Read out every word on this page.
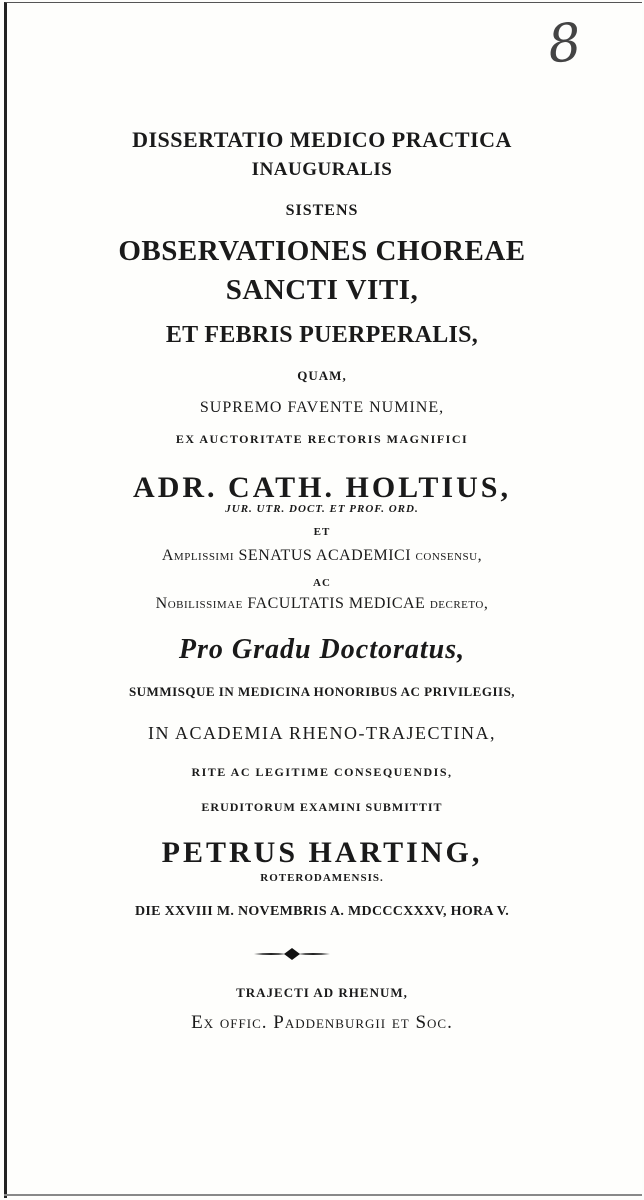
8
DISSERTATIO MEDICO PRACTICA
INAUGURALIS
SISTENS
OBSERVATIONES CHOREAE
SANCTI VITI,
ET FEBRIS PUERPERALIS,
QUAM,
SUPREMO FAVENTE NUMINE,
EX AUCTORITATE RECTORIS MAGNIFICI
ADR. CATH. HOLTIUS,
JUR. UTR. DOCT. ET PROF. ORD.
ET
Amplissimi SENATUS ACADEMICI consensu,
AC
Nobilissimae FACULTATIS MEDICAE decreto,
Pro Gradu Doctoratus,
SUMMISQUE IN MEDICINA HONORIBUS AC PRIVILEGIIS,
IN ACADEMIA RHENO-TRAJECTINA,
RITE AC LEGITIME CONSEQUENDIS,
ERUDITORUM EXAMINI SUBMITTIT
PETRUS HARTING,
ROTERODAMENSIS.
DIE XXVIII M. NOVEMBRIS A. MDCCCXXXV, HORA V.
TRAJECTI AD RHENUM,
Ex offic. Paddenburgii et Soc.
